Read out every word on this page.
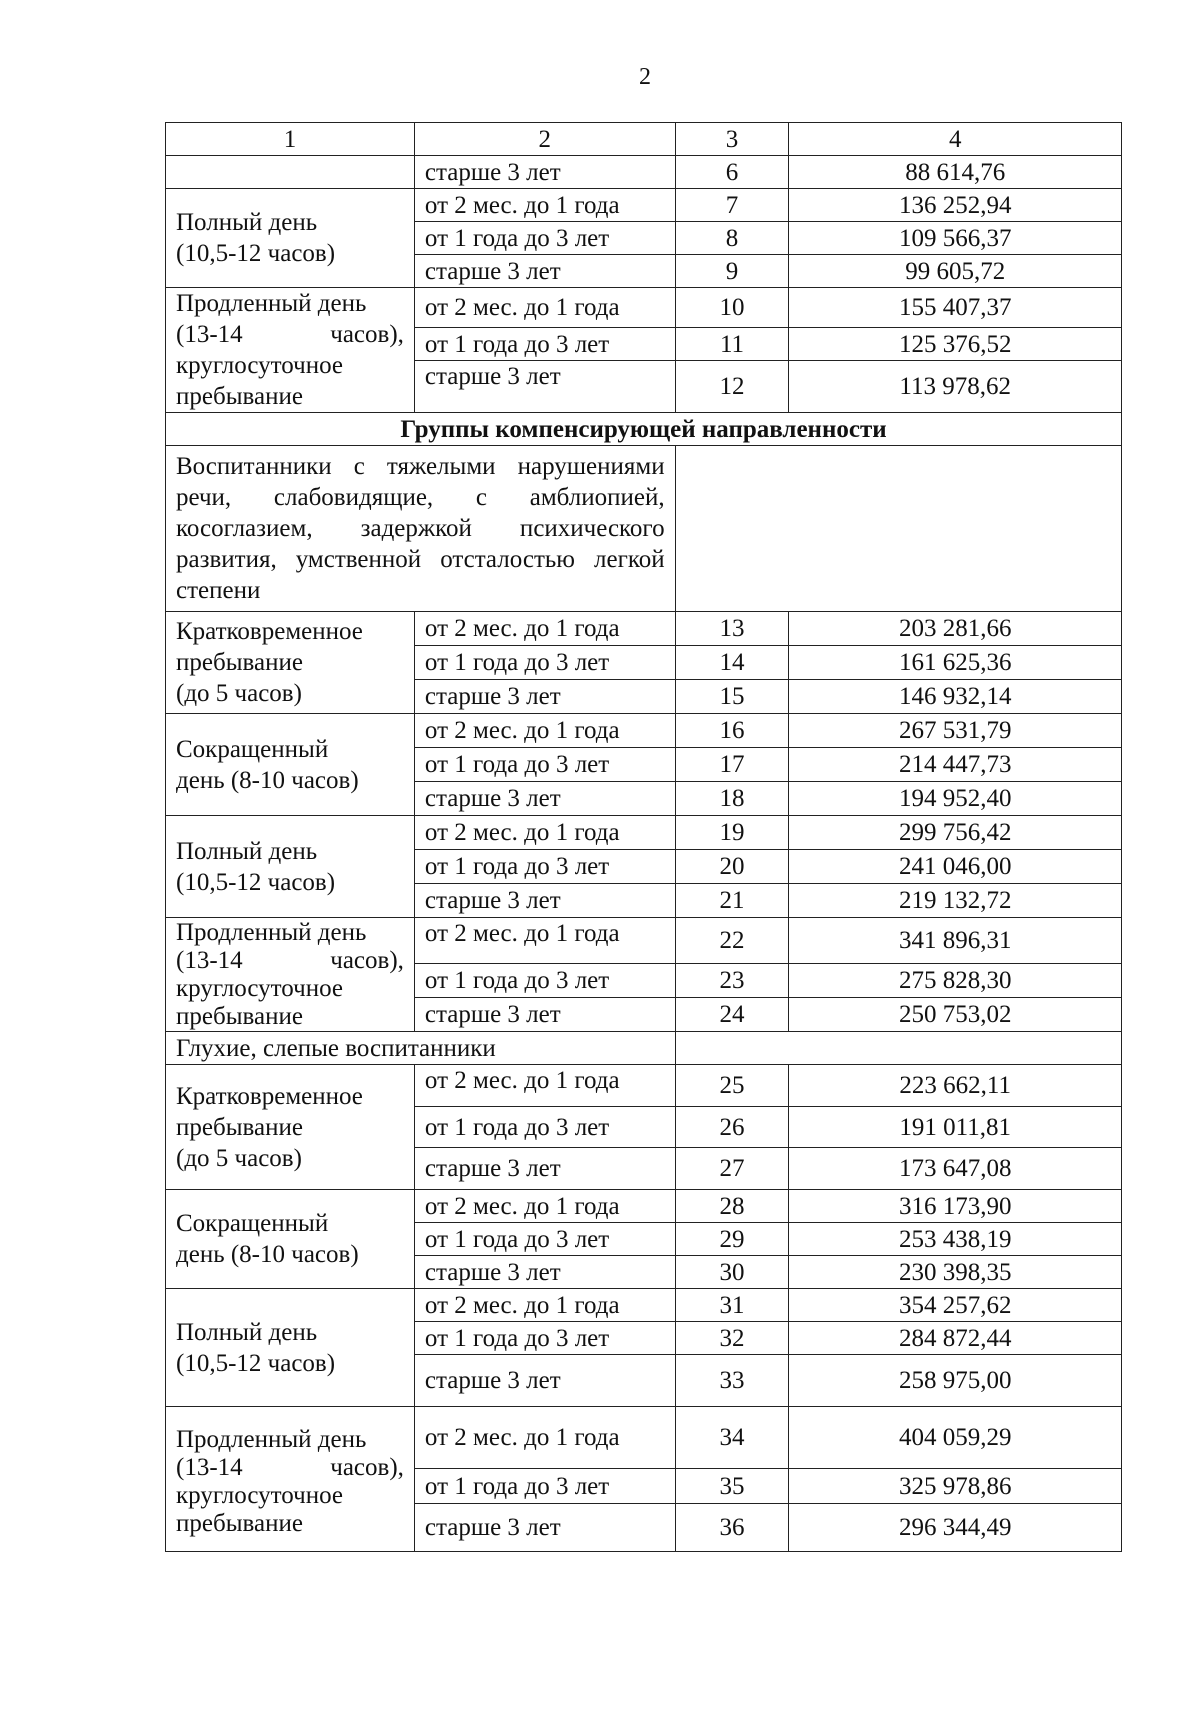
2
1	2	3	4
	старше 3 лет	6	88 614,76

Полный день
(10,5-12 часов)	от 2 мес. до 1 года	7	136 252,94
	от 1 года до 3 лет	8	109 566,37
	старше 3 лет	9	99 605,72

Продленный день
(13-14 часов),
круглосуточное
пребывание	от 2 мес. до 1 года	10	155 407,37
	от 1 года до 3 лет	11	125 376,52
	старше 3 лет	12	113 978,62
Группы компенсирующей направленности			
Воспитанники с тяжелыми нарушениями речи, слабовидящие, с амблиопией, косоглазием, задержкой психического развития, умственной отсталостью легкой степени			

Кратковременное
пребывание
(до 5 часов)	от 2 мес. до 1 года	13	203 281,66
	от 1 года до 3 лет	14	161 625,36
	старше 3 лет	15	146 932,14

Сокращенный
день (8-10 часов)	от 2 мес. до 1 года	16	267 531,79
	от 1 года до 3 лет	17	214 447,73
	старше 3 лет	18	194 952,40

Полный день
(10,5-12 часов)	от 2 мес. до 1 года	19	299 756,42
	от 1 года до 3 лет	20	241 046,00
	старше 3 лет	21	219 132,72

Продленный день
(13-14 часов),
круглосуточное
пребывание	от 2 мес. до 1 года	22	341 896,31
	от 1 года до 3 лет	23	275 828,30
	старше 3 лет	24	250 753,02
Глухие, слепые воспитанники			

Кратковременное
пребывание
(до 5 часов)	от 2 мес. до 1 года	25	223 662,11
	от 1 года до 3 лет	26	191 011,81
	старше 3 лет	27	173 647,08

Сокращенный
день (8-10 часов)	от 2 мес. до 1 года	28	316 173,90
	от 1 года до 3 лет	29	253 438,19
	старше 3 лет	30	230 398,35

Полный день
(10,5-12 часов)	от 2 мес. до 1 года	31	354 257,62
	от 1 года до 3 лет	32	284 872,44
	старше 3 лет	33	258 975,00

Продленный день
(13-14 часов),
круглосуточное
пребывание	от 2 мес. до 1 года	34	404 059,29
	от 1 года до 3 лет	35	325 978,86
	старше 3 лет	36	296 344,49
